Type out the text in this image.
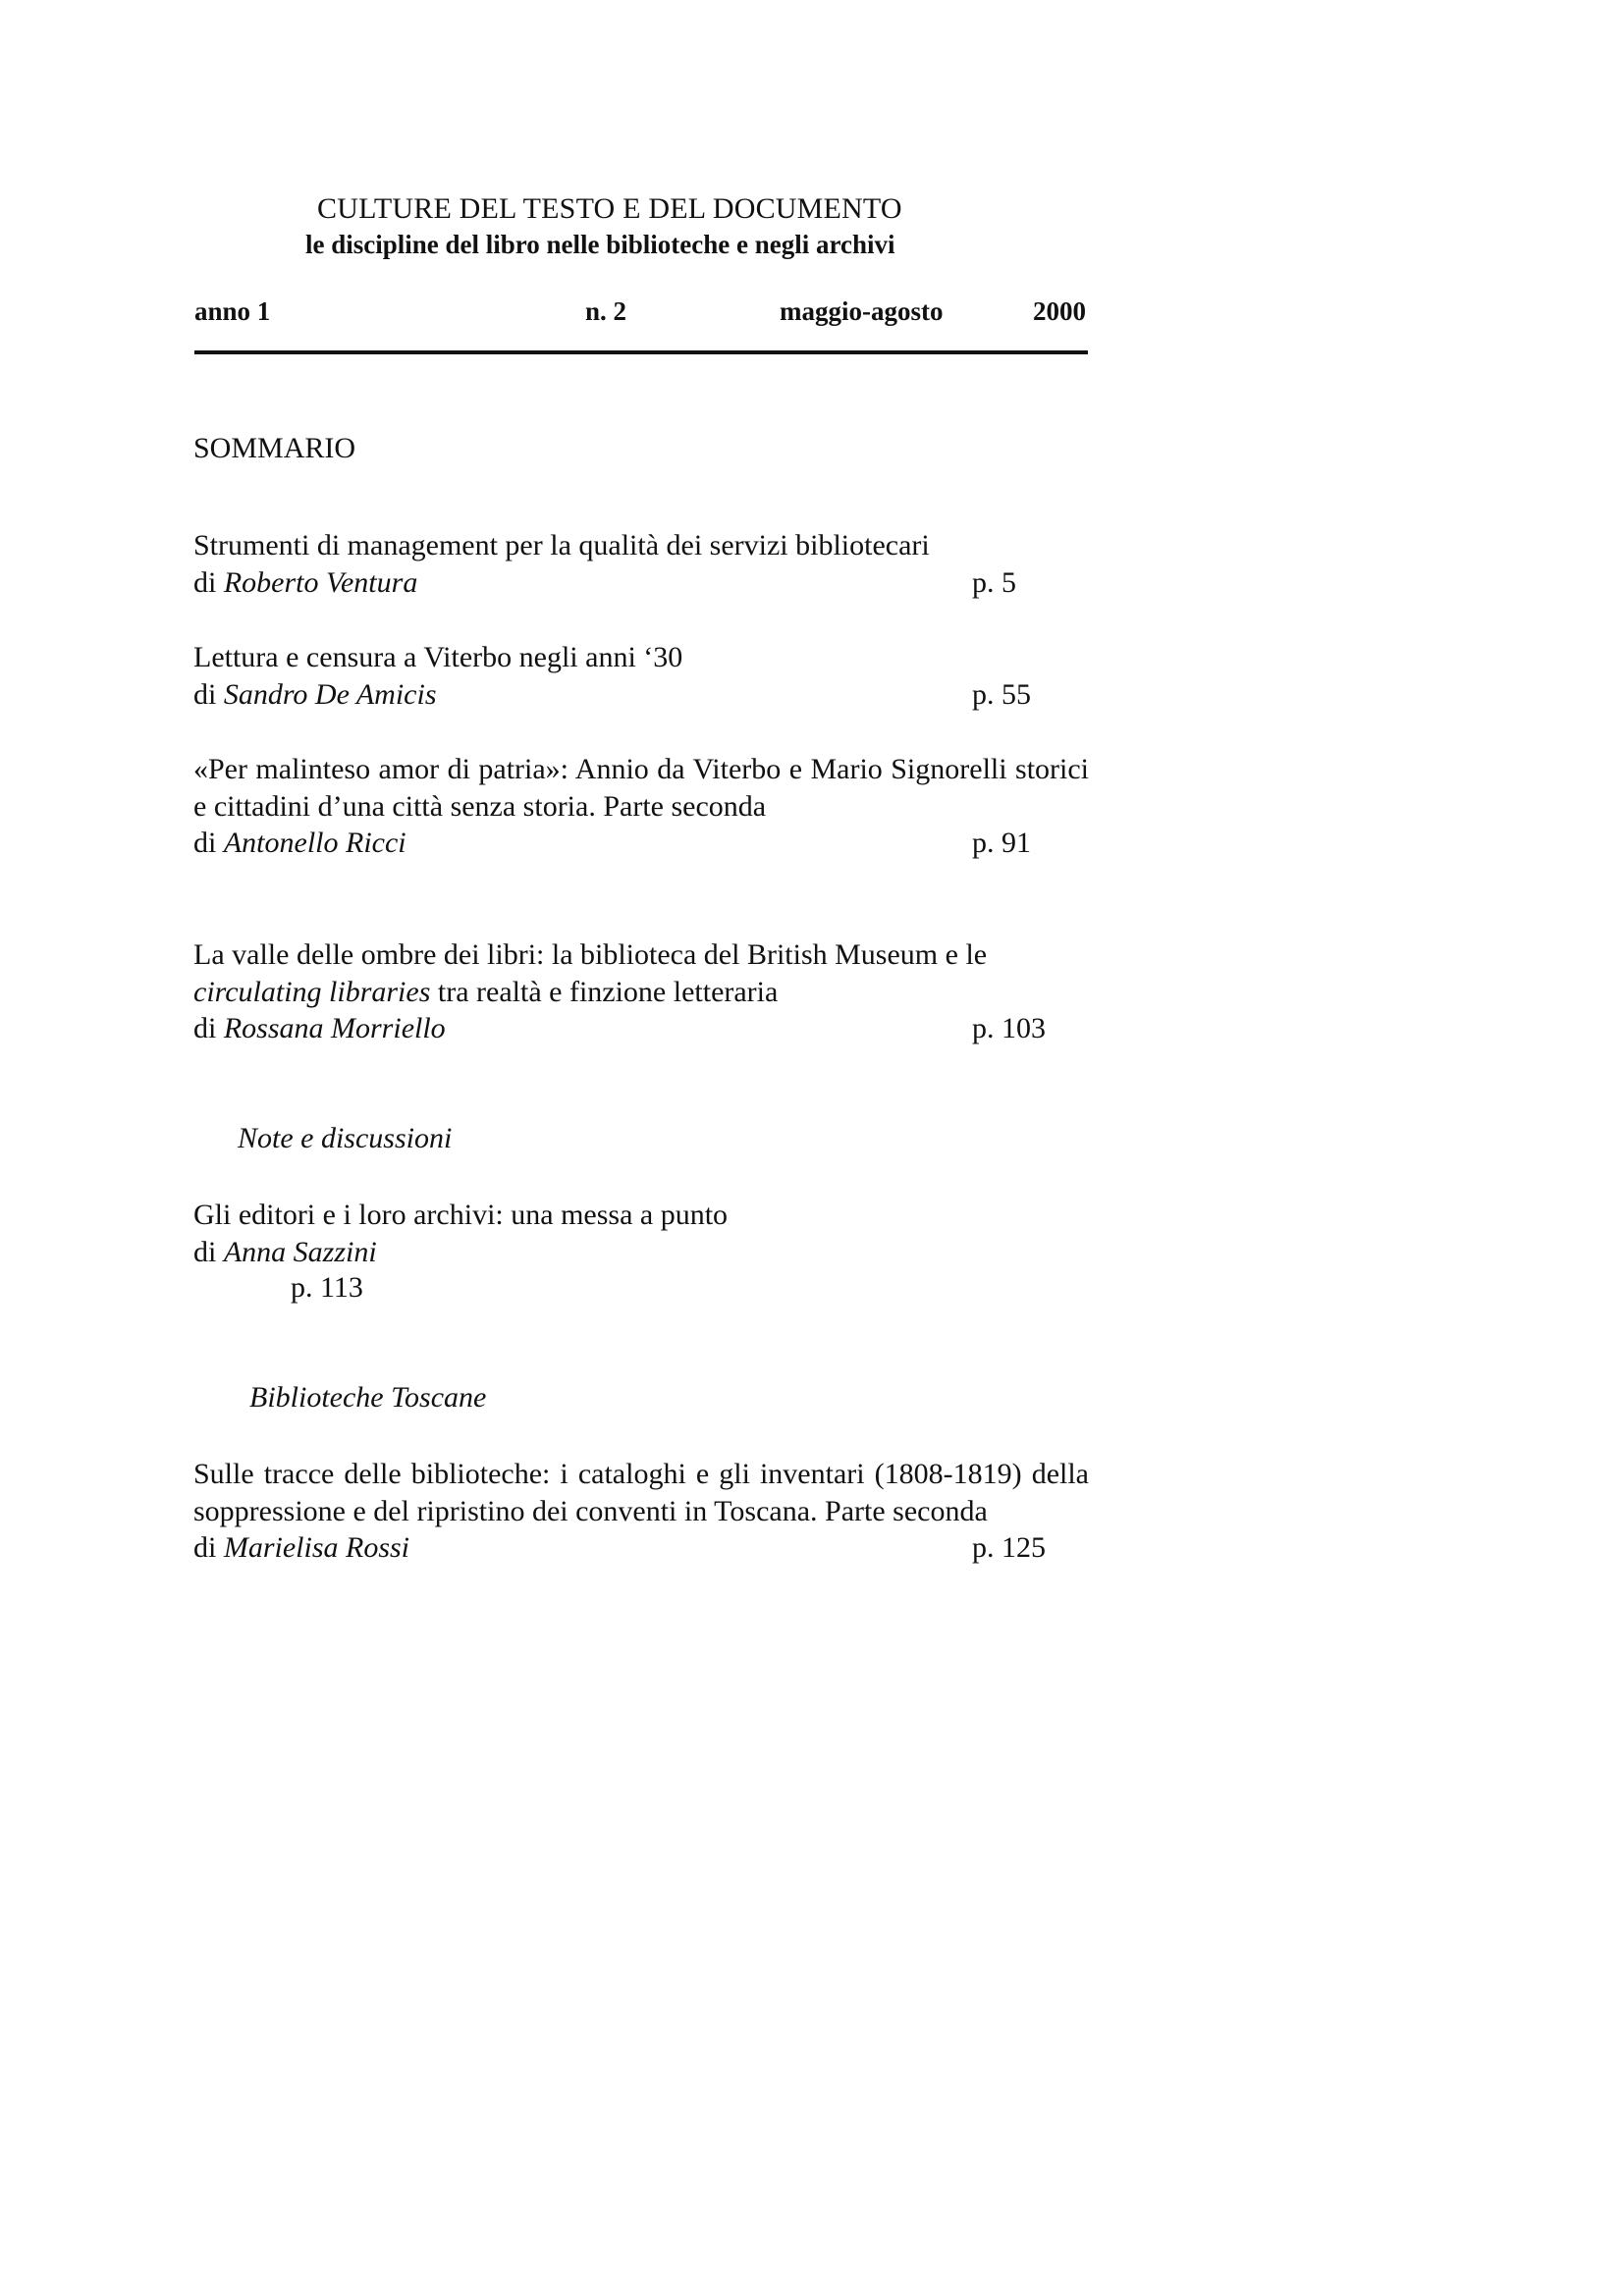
CULTURE DEL TESTO E DEL DOCUMENTO
le discipline del libro nelle biblioteche e negli archivi
anno 1	n. 2	maggio-agosto	2000
SOMMARIO
Strumenti di management per la qualità dei servizi bibliotecari
di Roberto Ventura	p. 5
Lettura e censura a Viterbo negli anni ‘30
di Sandro De Amicis	p. 55
«Per malinteso amor di patria»: Annio da Viterbo e Mario Signorelli storici e cittadini d’una città senza storia. Parte seconda
di Antonello Ricci	p. 91
La valle delle ombre dei libri: la biblioteca del British Museum e le circulating libraries tra realtà e finzione letteraria
di Rossana Morriello	p. 103
Note e discussioni
Gli editori e i loro archivi: una messa a punto
di Anna Sazzini
p. 113
Biblioteche Toscane
Sulle tracce delle biblioteche: i cataloghi e gli inventari (1808-1819) della soppressione e del ripristino dei conventi in Toscana. Parte seconda
di Marielisa Rossi	p. 125
